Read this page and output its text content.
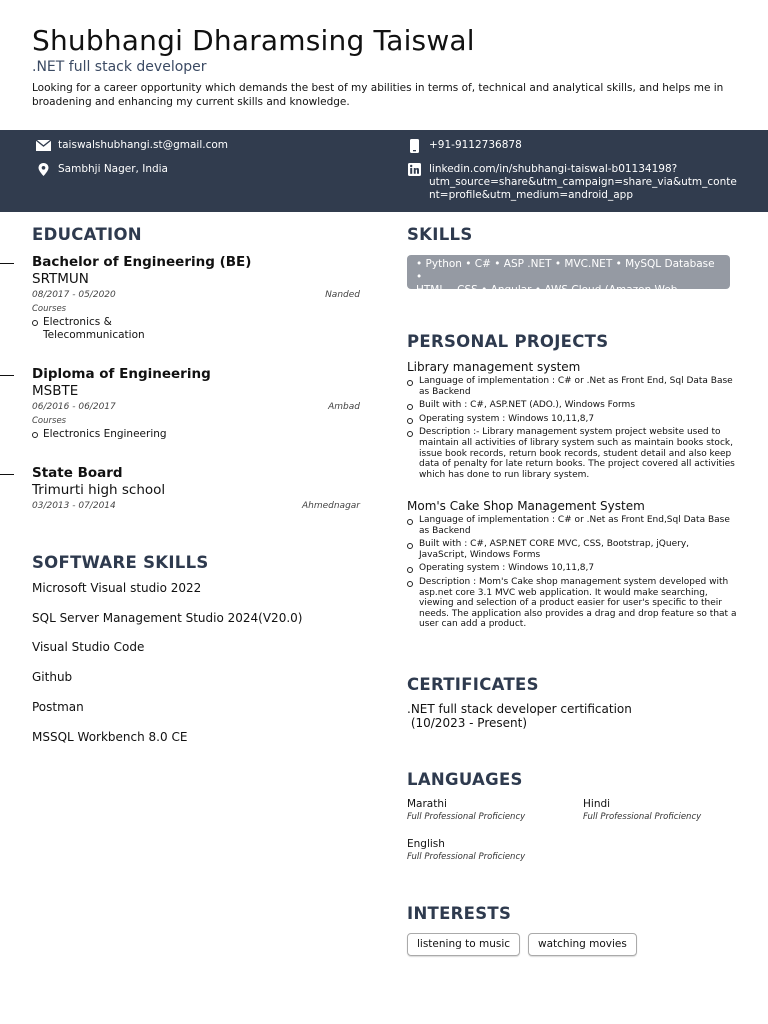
Shubhangi Dharamsing Taiswal
.NET full stack developer
Looking for a career opportunity which demands the best of my abilities in terms of, technical and analytical skills, and helps me in broadening and enhancing my current skills and knowledge.
taiswalshubhangi.st@gmail.com
Sambhji Nager, India
+91-9112736878
linkedin.com/in/shubhangi-taiswal-b01134198?
utm_source=share&utm_campaign=share_via&utm_conte
nt=profile&utm_medium=android_app
EDUCATION
Bachelor of Engineering (BE)
SRTMUN
08/2017 - 05/2020	Nanded
Courses
Electronics &
Telecommunication
Diploma of Engineering
MSBTE
06/2016 - 06/2017	Ambad
Courses
Electronics Engineering
State Board
Trimurti high school
03/2013 - 07/2014	Ahmednagar
SOFTWARE SKILLS
Microsoft Visual studio 2022
SQL Server Management Studio 2024(V20.0)
Visual Studio Code
Github
Postman
MSSQL Workbench 8.0 CE
SKILLS
• Python • C# • ASP .NET • MVC.NET • MySQL Database •
HTML – CSS • Angular • AWS Cloud (Amazon Web Service)
PERSONAL PROJECTS
Library management system
Language of implementation : C# or .Net as Front End, Sql Data Base as Backend
Built with : C#, ASP.NET (ADO.), Windows Forms
Operating system : Windows 10,11,8,7
Description :- Library management system project website used to maintain all activities of library system such as maintain books stock, issue book records, return book records, student detail and also keep data of penalty for late return books. The project covered all activities which has done to run library system.
Mom's Cake Shop Management System
Language of implementation : C# or .Net as Front End,Sql Data Base as Backend
Built with : C#, ASP.NET CORE MVC, CSS, Bootstrap, jQuery, JavaScript, Windows Forms
Operating system : Windows 10,11,8,7
Description : Mom's Cake shop management system developed with asp.net core 3.1 MVC web application. It would make searching, viewing and selection of a product easier for user's specific to their needs. The application also provides a drag and drop feature so that a user can add a product.
CERTIFICATES
.NET full stack developer certification
(10/2023 - Present)
LANGUAGES
Marathi
Full Professional Proficiency
Hindi
Full Professional Proficiency
English
Full Professional Proficiency
INTERESTS
listening to music	watching movies
